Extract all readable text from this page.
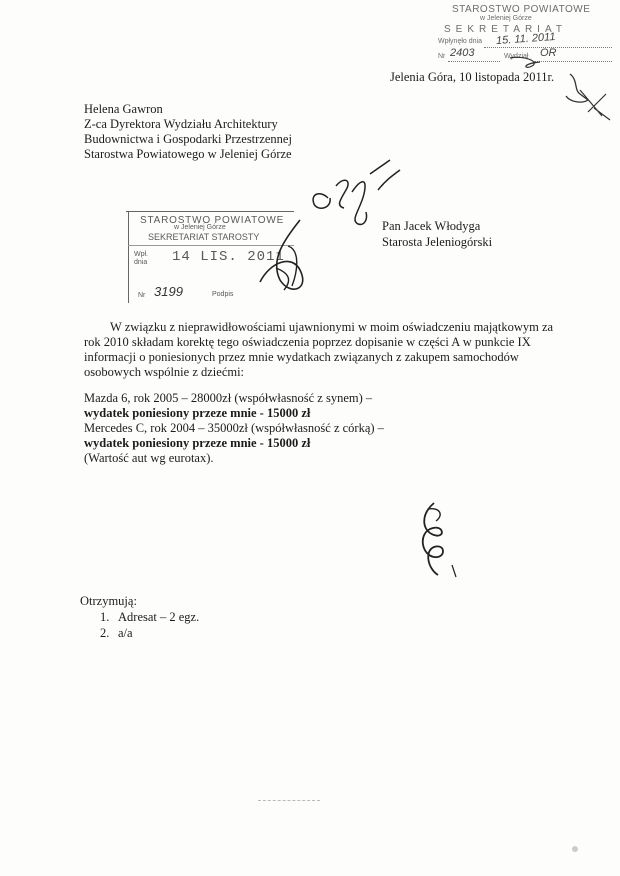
STAROSTWO POWIATOWE
w Jeleniej Górze
SEKRETARIAT
Wpłynęło dnia 15. 11. 2011
Nr 2403	Wydział OR
Jelenia Góra, 10 listopada 2011r.
Helena Gawron
Z-ca Dyrektora Wydziału Architektury
Budownictwa i Gospodarki Przestrzennej
Starostwa Powiatowego w Jeleniej Górze
STAROSTWO POWIATOWE
w Jeleniej Górze
SEKRETARIAT STAROSTY
Wpł. dnia	14 LIS. 2011
Nr 3199	Podpis
Pan Jacek Włodyga
Starosta Jeleniogórski
W związku z nieprawidłowościami ujawnionymi w moim oświadczeniu majątkowym za
rok 2010 składam korektę tego oświadczenia poprzez dopisanie w części A w punkcie IX
informacji o poniesionych przez mnie wydatkach związanych z zakupem samochodów
osobowych wspólnie z dziećmi:
Mazda 6, rok 2005 – 28000zł (współwłasność z synem) –
wydatek poniesiony przeze mnie - 15000 zł
Mercedes C, rok 2004 – 35000zł (współwłasność z córką) –
wydatek poniesiony przeze mnie - 15000 zł
(Wartość aut wg eurotax).
Otrzymują:
1. Adresat – 2 egz.
2. a/a
